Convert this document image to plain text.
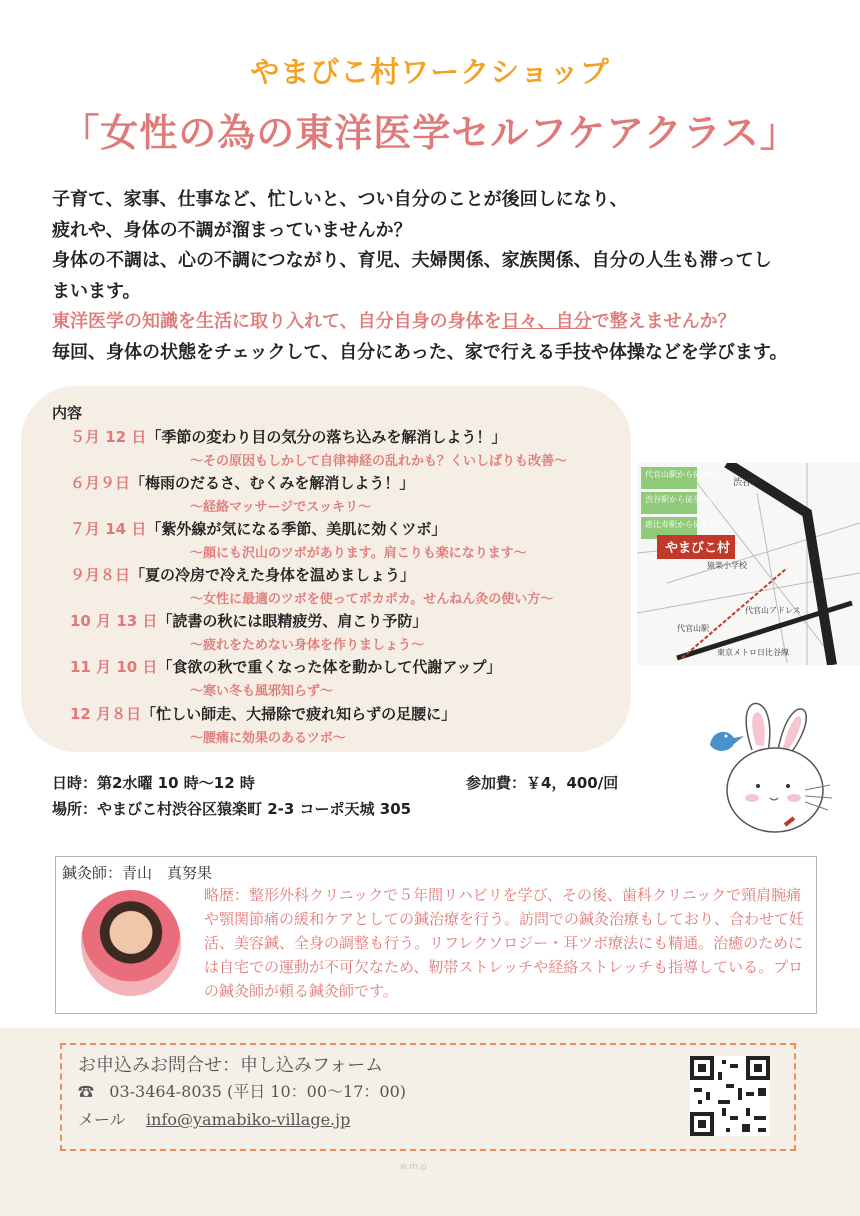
やまびこ村ワークショップ
「女性の為の東洋医学セルフケアクラス」
子育て、家事、仕事など、忙しいと、つい自分のことが後回しになり、
疲れや、身体の不調が溜まっていませんか？
身体の不調は、心の不調につながり、育児、夫婦関係、家族関係、自分の人生も滞ってし
まいます。
東洋医学の知識を生活に取り入れて、自分自身の身体を日々、自分で整えませんか？
毎回、身体の状態をチェックして、自分にあった、家で行える手技や体操などを学びます。
内容
５月 12 日「季節の変わり目の気分の落ち込みを解消しよう！」
～その原因もしかして自律神経の乱れかも？くいしばりも改善～
６月９日「梅雨のだるさ、むくみを解消しよう！」
～経絡マッサージでスッキリ～
７月 14 日「紫外線が気になる季節、美肌に効くツボ」
～顔にも沢山のツボがあります。肩こりも楽になります～
９月８日「夏の冷房で冷えた身体を温めましょう」
～女性に最適のツボを使ってポカポカ。せんねん灸の使い方～
10 月 13 日「読書の秋には眼精疲労、肩こり予防」
～疲れをためない身体を作りましょう～
11 月 10 日「食欲の秋で重くなった体を動かして代謝アップ」
～寒い冬も風邪知らず～
12 月８日「忙しい師走、大掃除で疲れ知らずの足腰に」
～腰痛に効果のあるツボ～
代官山駅から徒歩8分
渋谷駅から徒歩9分
恵比寿駅から徒歩12分
やまびこ村
渋谷駅
代官山アドレス
猿楽小学校
代官山駅
東京メトロ日比谷線
日時：第2水曜 10 時～12 時	参加費：￥4，400/回
場所：やまびこ村渋谷区猿楽町 2-3 コーポ天城 305
鍼灸師：青山　真努果
略歴：整形外科クリニックで５年間リハビリを学び、その後、歯科クリニックで頸肩腕痛や顎関節痛の緩和ケアとしての鍼治療を行う。訪問での鍼灸治療もしており、合わせて妊活、美容鍼、全身の調整も行う。リフレクソロジー・耳ツボ療法にも精通。治癒のためには自宅での運動が不可欠なため、靭帯ストレッチや経絡ストレッチも指導している。プロの鍼灸師が頼る鍼灸師です。
お申込みお問合せ：申し込みフォーム
☎ 03-3464-8035 (平日 10：00～17：00)
メール info@yamabiko-village.jp
w.m.p
